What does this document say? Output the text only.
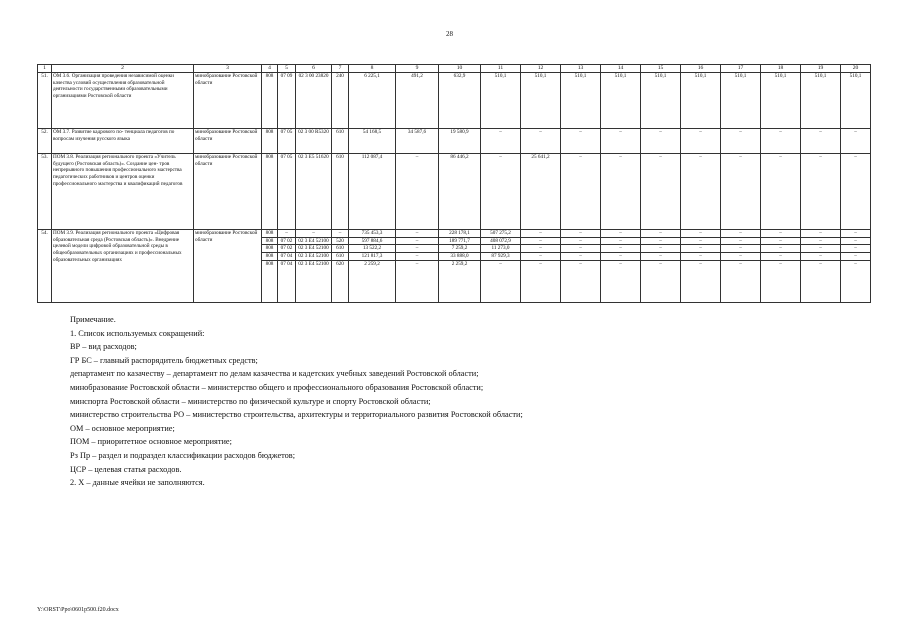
28
1	2	3	4	5	6	7	8	9	10	11	12	13	14	15	16	17	18	19	20
51.	ОМ 3.6. Организация проведения независимой оценки качества условий осуществления образовательной деятельности государственными образовательными организациями Ростовской области	минобразование Ростовской области	808	07 09	02 3 00 23820	240	6 225,1	491,2	632,9	510,1	510,1	510,1	510,1	510,1	510,1	510,1	510,1	510,1	510,1
52.	ОМ 3.7. Развитие кадрового по- тенциала педагогов по вопросам изучения русского языка	минобразование Ростовской области	808	07 05	02 3 00 R5320	610	54 168,5	34 587,6	19 580,9	–	–	–	–	–	–	–	–	–	–
53.	ПОМ 3.8. Реализация регионального проекта «Учитель будущего (Ростовская область)». Создание цен- тров непрерывного повышения профессионального мастерства педагогических работников и центров оценки профессионального мастерства и квалификаций педагогов	минобразование Ростовской области	808	07 05	02 3 E5 51620	610	112 087,4	–	86 446,2	–	25 641,2	–	–	–	–	–	–	–	–
54.	ПОМ 3.9. Реализация регионального проекта «Цифровая образовательная среда (Ростовская область)». Внедрение целевой модели цифровой образовательной среды в общеобразовательных организациях и профессиональных образовательных организациях	минобразование Ростовской области	808	–	–	–	735 453,3	–	228 178,1	507 275,2	–	–	–	–	–	–	–	–	–
			808	07 02	02 3 E4 52100	520	597 884,6	–	189 771,7	408 072,9	–	–	–	–	–	–	–	–	–
			808	07 02	02 3 E4 52100	610	13 522,2	–	7 259,2	11 273,0	–	–	–	–	–	–	–	–	–
			808	07 04	02 3 E4 52100	610	121 817,3	–	33 888,0	87 929,3	–	–	–	–	–	–	–	–	–
			808	07 04	02 3 E4 52100	620	2 259,2	–	2 259,2	–	–	–	–	–	–	–	–	–	–
Примечание.
1. Список используемых сокращений:
ВР – вид расходов;
ГР БС – главный распорядитель бюджетных средств;
департамент по казачеству – департамент по делам казачества и кадетских учебных заведений Ростовской области;
минобразование Ростовской области – министерство общего и профессионального образования Ростовской области;
минспорта Ростовской области – министерство по физической культуре и спорту Ростовской области;
министерство строительства РО – министерство строительства, архитектуры и территориального развития Ростовской области;
ОМ – основное мероприятие;
ПОМ – приоритетное основное мероприятие;
Рз Пр – раздел и подраздел классификации расходов бюджетов;
ЦСР – целевая статья расходов.
2. Х – данные ячейки не заполняются.
Y:\ORST\Ppo\0601p500.f20.docx
